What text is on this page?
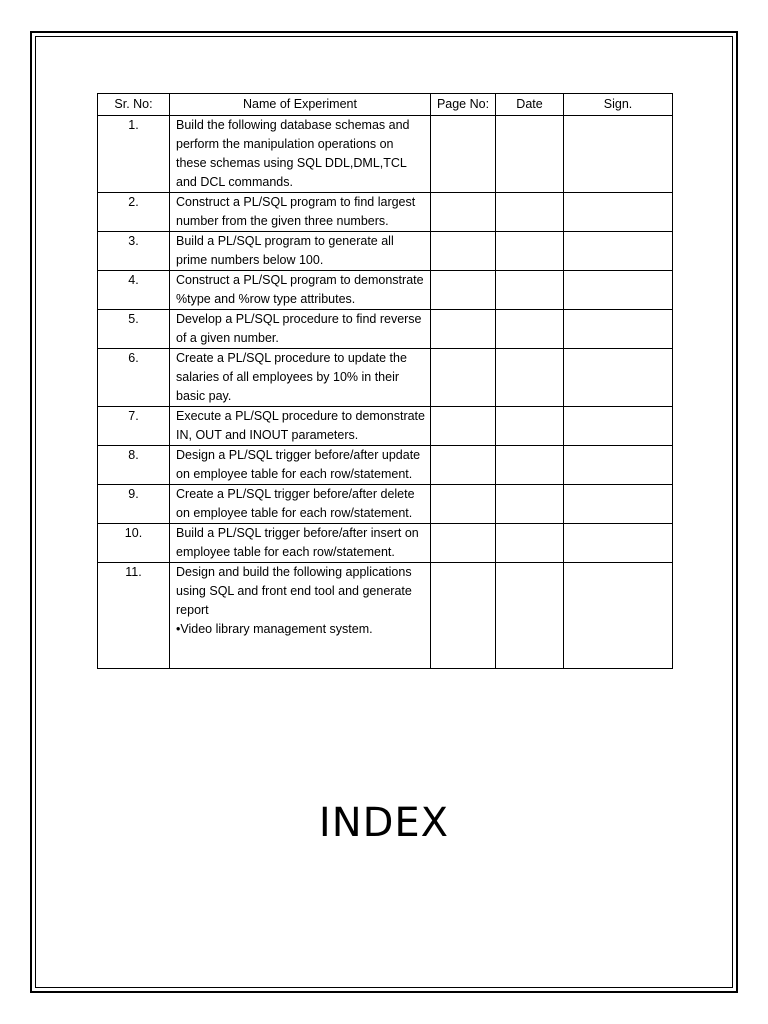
Sr. No:	Name of Experiment	Page No:	Date	Sign.
1.	Build the following database schemas and perform the manipulation operations on these schemas using SQL DDL,DML,TCL and DCL commands.			
2.	Construct a PL/SQL program to find largest number from the given three numbers.			
3.	Build a PL/SQL program to generate all prime numbers below 100.			
4.	Construct a PL/SQL program to demonstrate %type and %row type attributes.			
5.	Develop a PL/SQL procedure to find reverse of a given number.			
6.	Create a PL/SQL procedure to update the salaries of all employees by 10% in their basic pay.			
7.	Execute a PL/SQL procedure to demonstrate IN, OUT and INOUT parameters.			
8.	Design a PL/SQL trigger before/after update on employee table for each row/statement.			
9.	Create a PL/SQL trigger before/after delete on employee table for each row/statement.			
10.	Build a PL/SQL trigger before/after insert on employee table for each row/statement.			
11.	Design and build the following applications using SQL and front end tool and generate report
•Video library management system.			
INDEX
